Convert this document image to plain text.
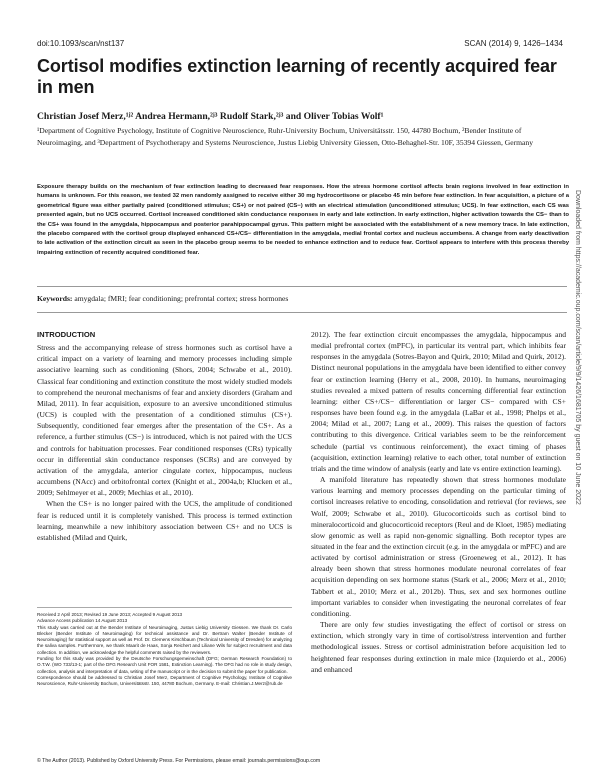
doi:10.1093/scan/nst137	SCAN (2014) 9, 1426–1434
Cortisol modifies extinction learning of recently acquired fear in men
Christian Josef Merz,¹ʲ² Andrea Hermann,²ʲ³ Rudolf Stark,²ʲ³ and Oliver Tobias Wolf¹
¹Department of Cognitive Psychology, Institute of Cognitive Neuroscience, Ruhr-University Bochum, Universitätsstr. 150, 44780 Bochum, ²Bender Institute of Neuroimaging, and ³Department of Psychotherapy and Systems Neuroscience, Justus Liebig University Giessen, Otto-Behaghel-Str. 10F, 35394 Giessen, Germany

Exposure therapy builds on the mechanism of fear extinction leading to decreased fear responses. How the stress hormone cortisol affects brain regions involved in fear extinction in humans is unknown. For this reason, we tested 32 men randomly assigned to receive either 30 mg hydrocortisone or placebo 45 min before fear extinction. In fear acquisition, a picture of a geometrical figure was either partially paired (conditioned stimulus; CS+) or not paired (CS−) with an electrical stimulation (unconditioned stimulus; UCS). In fear extinction, each CS was presented again, but no UCS occurred. Cortisol increased conditioned skin conductance responses in early and late extinction. In early extinction, higher activation towards the CS− than to the CS+ was found in the amygdala, hippocampus and posterior parahippocampal gyrus. This pattern might be associated with the establishment of a new memory trace. In late extinction, the placebo compared with the cortisol group displayed enhanced CS+/CS− differentiation in the amygdala, medial frontal cortex and nucleus accumbens. A change from early deactivation to late activation of the extinction circuit as seen in the placebo group seems to be needed to enhance extinction and to reduce fear. Cortisol appears to interfere with this process thereby impairing extinction of recently acquired conditioned fear.

Keywords: amygdala; fMRI; fear conditioning; prefrontal cortex; stress hormones
INTRODUCTION

Stress and the accompanying release of stress hormones such as cortisol have a critical impact on a variety of learning and memory processes including simple associative learning such as conditioning (Shors, 2004; Schwabe et al., 2010). Classical fear conditioning and extinction constitute the most widely studied models to comprehend the neuronal mechanisms of fear and anxiety disorders (Graham and Milad, 2011). In fear acquisition, exposure to an aversive unconditioned stimulus (UCS) is coupled with the presentation of a conditioned stimulus (CS+). Subsequently, conditioned fear emerges after the presentation of the CS+. As a reference, a further stimulus (CS−) is introduced, which is not paired with the UCS and controls for habituation processes. Fear conditioned responses (CRs) typically occur in differential skin conductance responses (SCRs) and are conveyed by activation of the amygdala, anterior cingulate cortex, hippocampus, nucleus accumbens (NAcc) and orbitofrontal cortex (Knight et al., 2004a,b; Klucken et al., 2009; Sehlmeyer et al., 2009; Mechias et al., 2010).

When the CS+ is no longer paired with the UCS, the amplitude of conditioned fear is reduced until it is completely vanished. This process is termed extinction learning, meanwhile a new inhibitory association between CS+ and no UCS is established (Milad and Quirk,

Received 2 April 2013; Revised 19 June 2013; Accepted 9 August 2013

Advance Access publication 14 August 2013

This study was carried out at the Bender Institute of Neuroimaging, Justus Liebig University Giessen. We thank Dr. Carlo Blecker (Bender Institute of Neuroimaging) for technical assistance and Dr. Bertram Walter (Bender Institute of Neuroimaging) for statistical support as well as Prof. Dr. Clemens Kirschbaum (Technical University of Dresden) for analyzing the saliva samples. Furthermore, we thank Maarit de Haas, Sonja Reichert and Liliane Wils for subject recruitment and data collection. In addition, we acknowledge the helpful comments raised by the reviewers.

Funding for this study was provided by the Deutsche Forschungsgemeinschaft (DFG; German Research Foundation) to O.T.W. (WO 733/13-1; part of the DFG Research Unit FOR 1581, Extinction Learning). The DFG had no role in study design, collection, analysis and interpretation of data, writing of the manuscript or in the decision to submit the paper for publication.

Correspondence should be addressed to Christian Josef Merz, Department of Cognitive Psychology, Institute of Cognitive Neuroscience, Ruhr-University Bochum, Universitätsstr. 150, 44780 Bochum, Germany. E-mail: Christian.J.Merz@rub.de

2012). The fear extinction circuit encompasses the amygdala, hippocampus and medial prefrontal cortex (mPFC), in particular its ventral part, which inhibits fear responses in the amygdala (Sotres-Bayon and Quirk, 2010; Milad and Quirk, 2012). Distinct neuronal populations in the amygdala have been identified to either convey fear or extinction learning (Herry et al., 2008, 2010). In humans, neuroimaging studies revealed a mixed pattern of results concerning differential fear extinction learning: either CS+/CS− differentiation or larger CS− compared with CS+ responses have been found e.g. in the amygdala (LaBar et al., 1998; Phelps et al., 2004; Milad et al., 2007; Lang et al., 2009). This raises the question of factors contributing to this divergence. Critical variables seem to be the reinforcement schedule (partial vs continuous reinforcement), the exact timing of phases (acquisition, extinction learning) relative to each other, total number of extinction trials and the time window of analysis (early and late vs entire extinction learning).

A manifold literature has repeatedly shown that stress hormones modulate various learning and memory processes depending on the particular timing of cortisol increases relative to encoding, consolidation and retrieval (for reviews, see Wolf, 2009; Schwabe et al., 2010). Glucocorticoids such as cortisol bind to mineralocorticoid and glucocorticoid receptors (Reul and de Kloet, 1985) mediating slow genomic as well as rapid non-genomic signalling. Both receptor types are situated in the fear and the extinction circuit (e.g. in the amygdala or mPFC) and are activated by cortisol administration or stress (Groeneweg et al., 2012). It has already been shown that stress hormones modulate neuronal correlates of fear acquisition depending on sex hormone status (Stark et al., 2006; Merz et al., 2010; Tabbert et al., 2010; Merz et al., 2012b). Thus, sex and sex hormones outline important variables to consider when investigating the neuronal correlates of fear conditioning.

There are only few studies investigating the effect of cortisol or stress on extinction, which strongly vary in time of cortisol/stress intervention and further methodological issues. Stress or cortisol administration before acquisition led to heightened fear responses during extinction in male mice (Izquierdo et al., 2006) and enhanced

© The Author (2013). Published by Oxford University Press. For Permissions, please email: journals.permissions@oup.com
Downloaded from https://academic.oup.com/scan/article/9/9/1426/1681705 by guest on 10 June 2022
